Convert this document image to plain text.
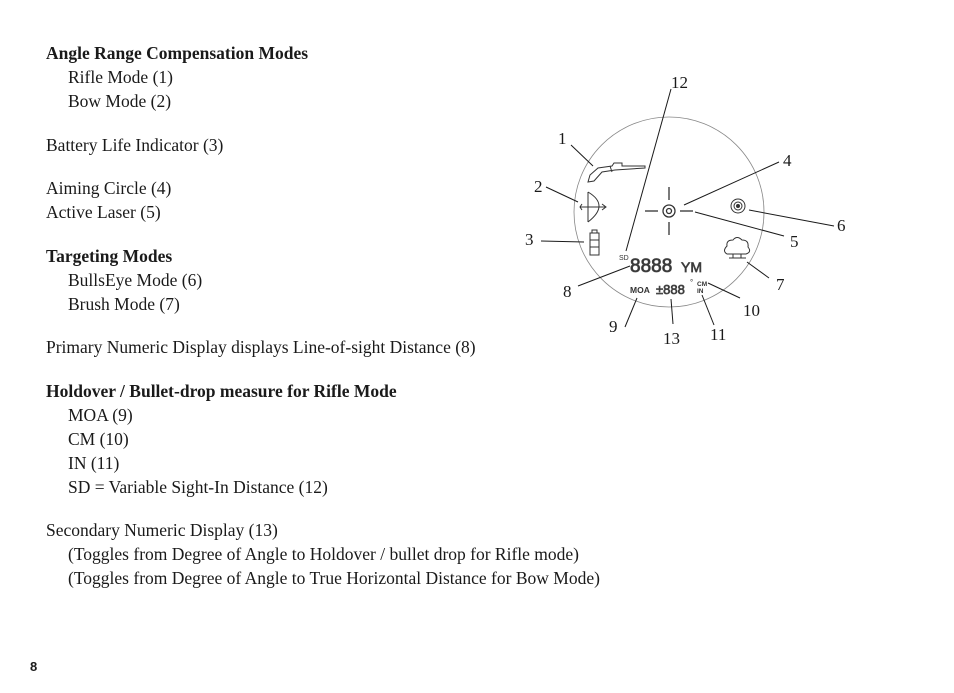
Angle Range Compensation Modes
Rifle Mode (1)
Bow Mode (2)
Battery Life Indicator (3)
Aiming Circle (4)
Active Laser (5)
Targeting Modes
BullsEye Mode (6)
Brush Mode (7)
Primary Numeric Display displays Line-of-sight Distance (8)
Holdover / Bullet-drop measure for Rifle Mode
MOA (9)
CM (10)
IN (11)
SD = Variable Sight-In Distance (12)
Secondary Numeric Display (13)
(Toggles from Degree of Angle to Holdover / bullet drop for Rifle mode)
(Toggles from Degree of Angle to True Horizontal Distance for Bow Mode)
SD 8888 YM
MOA ±888 ° CM
IN
1
2
3
4
5
6
7
8
9
10
11
12
13
8
